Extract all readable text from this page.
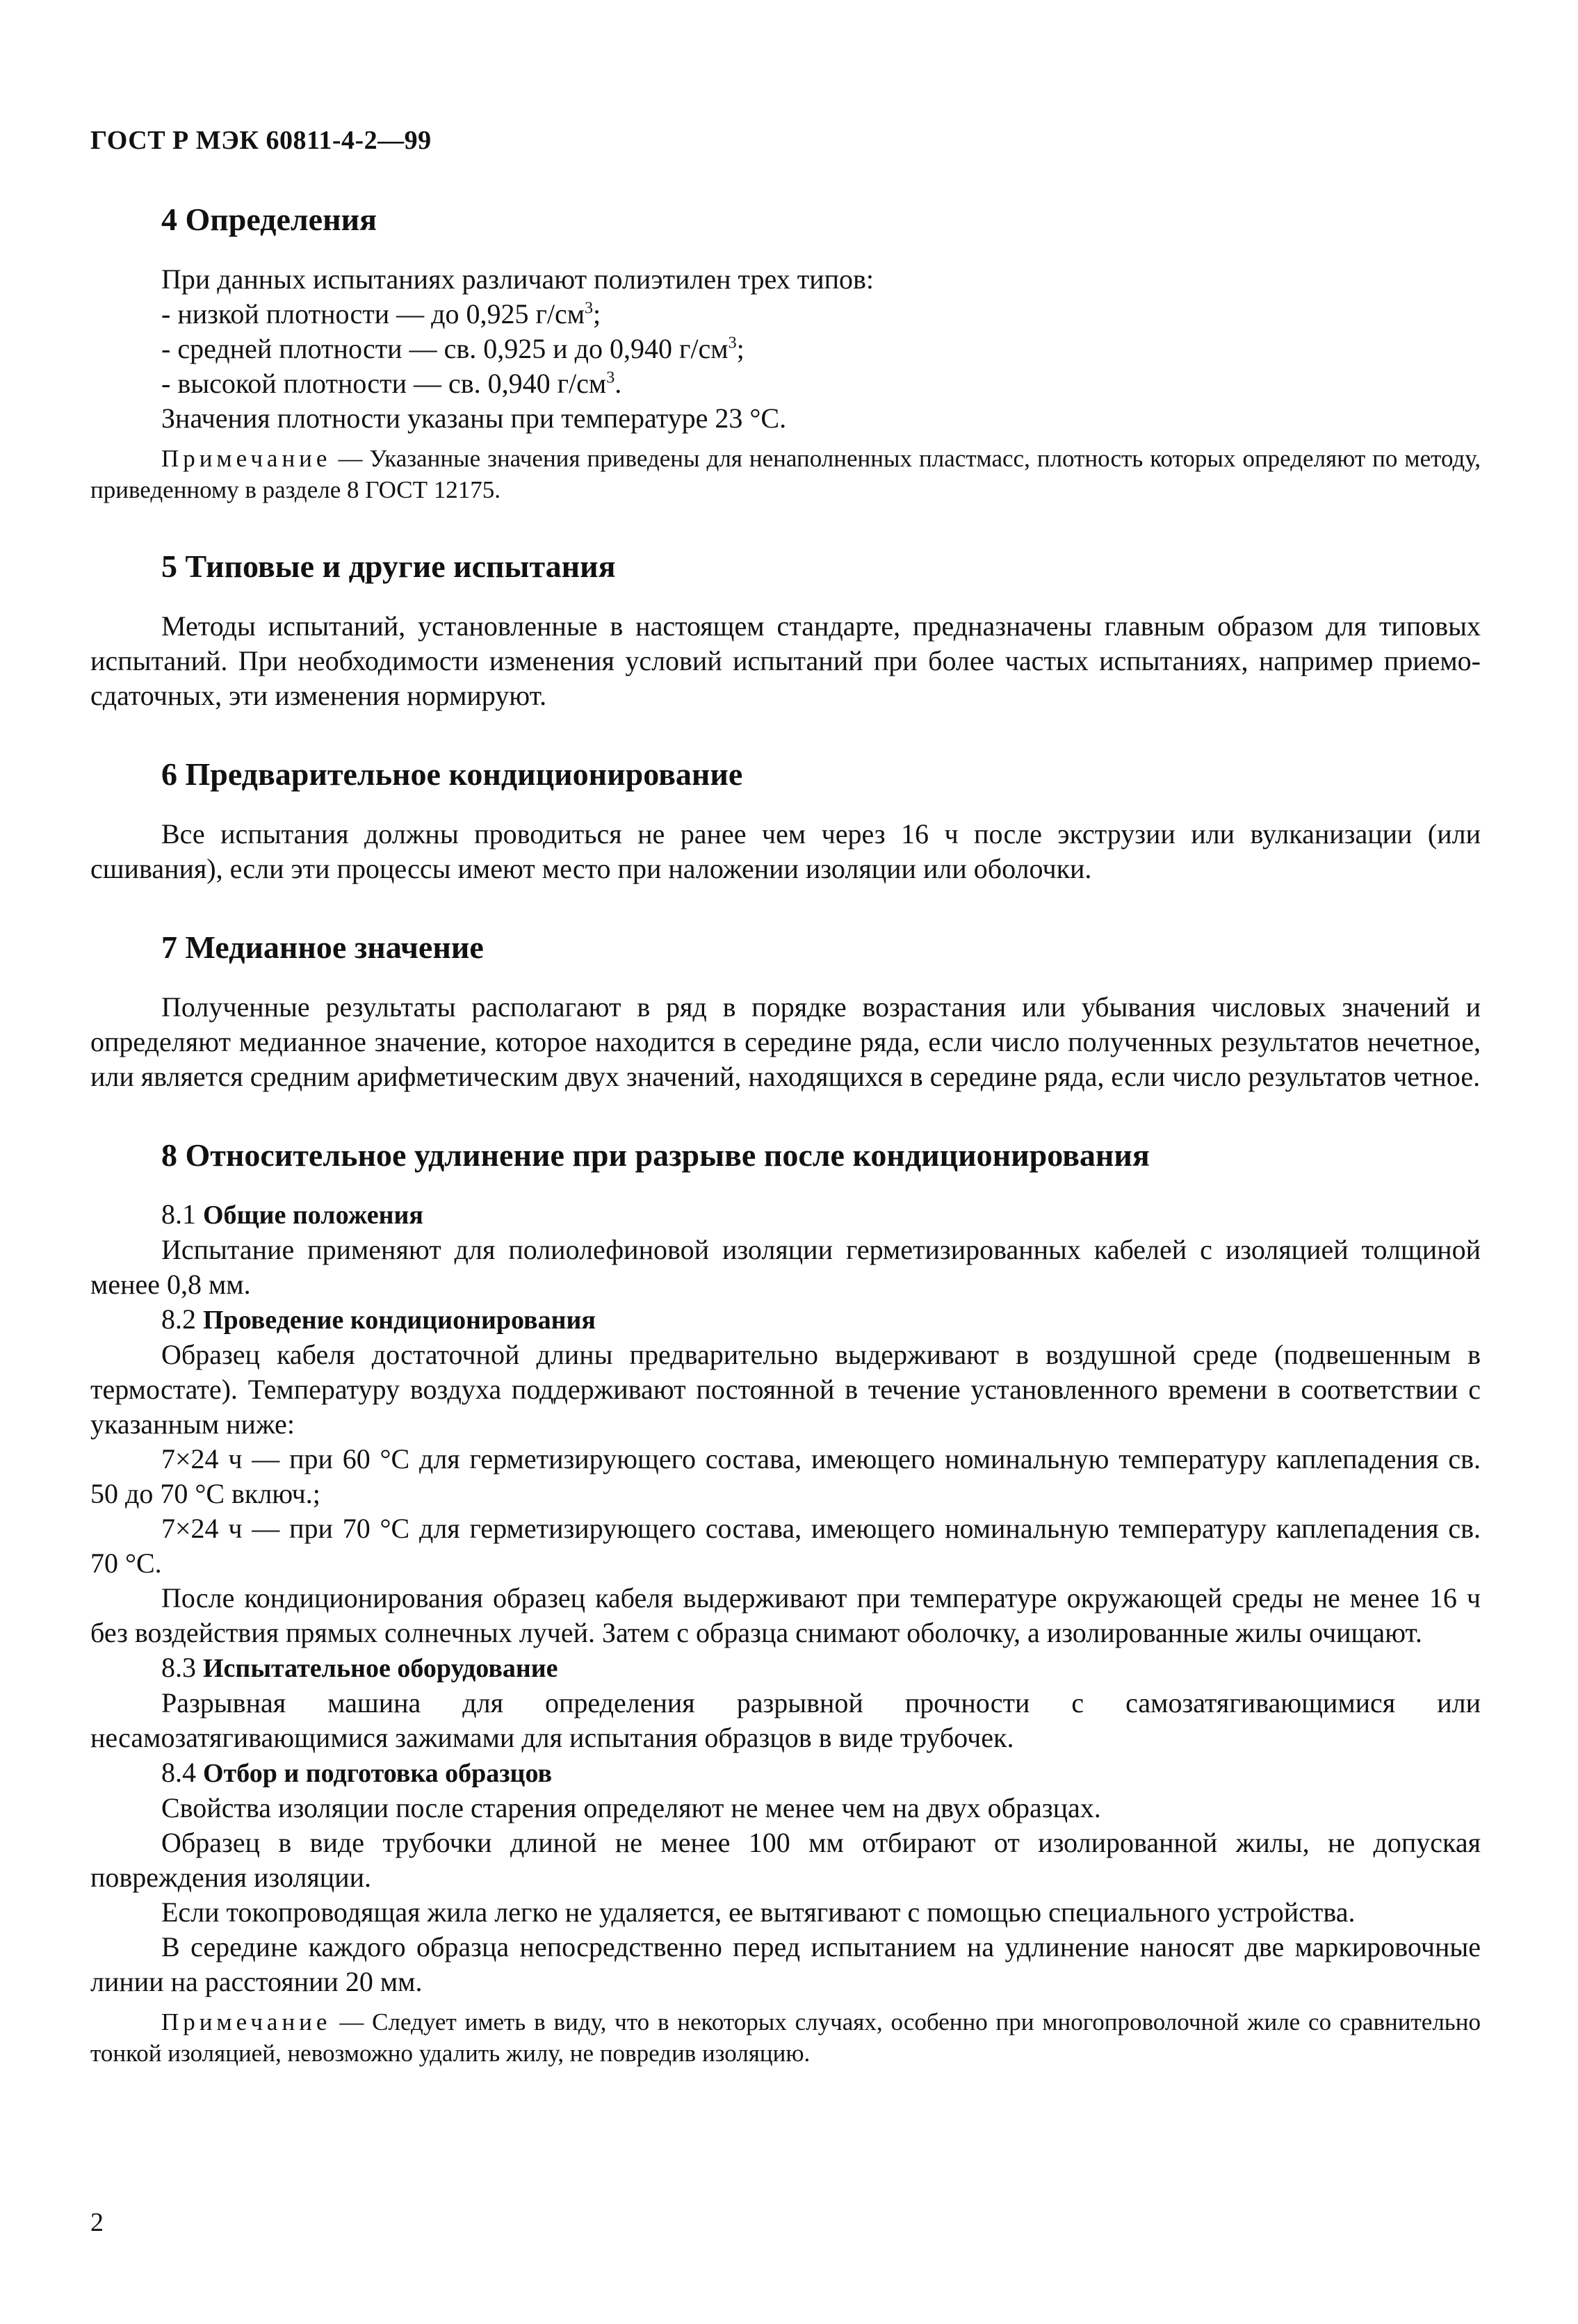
ГОСТ Р МЭК 60811-4-2—99
4 Определения
При данных испытаниях различают полиэтилен трех типов:
- низкой плотности — до 0,925 $г/см^3$;
- средней плотности — св. 0,925 и до 0,940 $г/см^3$;
- высокой плотности — св. 0,940 $г/см^3$.
Значения плотности указаны при температуре 23 °С.
Примечание — Указанные значения приведены для ненаполненных пластмасс, плотность которых определяют по методу, приведенному в разделе 8 ГОСТ 12175.
5 Типовые и другие испытания

Методы испытаний, установленные в настоящем стандарте, предназначены главным образом для типовых испытаний. При необходимости изменения условий испытаний при более частых испытаниях, например приемо-сдаточных, эти изменения нормируют.

6 Предварительное кондиционирование

Все испытания должны проводиться не ранее чем через 16 ч после экструзии или вулканизации (или сшивания), если эти процессы имеют место при наложении изоляции или оболочки.

7 Медианное значение

Полученные результаты располагают в ряд в порядке возрастания или убывания числовых значений и определяют медианное значение, которое находится в середине ряда, если число полученных результатов нечетное, или является средним арифметическим двух значений, находящихся в середине ряда, если число результатов четное.

8 Относительное удлинение при разрыве после кондиционирования
8.1 Общие положения

Испытание применяют для полиолефиновой изоляции герметизированных кабелей с изоляцией толщиной менее 0,8 мм.

8.2 Проведение кондиционирования

Образец кабеля достаточной длины предварительно выдерживают в воздушной среде (подвешенным в термостате). Температуру воздуха поддерживают постоянной в течение установленного времени в соответствии с указанным ниже:

7×24 ч — при 60 °С для герметизирующего состава, имеющего номинальную температуру каплепадения св. 50 до 70 °С включ.;

7×24 ч — при 70 °С для герметизирующего состава, имеющего номинальную температуру каплепадения св. 70 °С.

После кондиционирования образец кабеля выдерживают при температуре окружающей среды не менее 16 ч без воздействия прямых солнечных лучей. Затем с образца снимают оболочку, а изолированные жилы очищают.

8.3 Испытательное оборудование

Разрывная машина для определения разрывной прочности с самозатягивающимися или несамозатягивающимися зажимами для испытания образцов в виде трубочек.

8.4 Отбор и подготовка образцов

Свойства изоляции после старения определяют не менее чем на двух образцах.

Образец в виде трубочки длиной не менее 100 мм отбирают от изолированной жилы, не допуская повреждения изоляции.

Если токопроводящая жила легко не удаляется, ее вытягивают с помощью специального устройства.

В середине каждого образца непосредственно перед испытанием на удлинение наносят две маркировочные линии на расстоянии 20 мм.

Примечание — Следует иметь в виду, что в некоторых случаях, особенно при многопроволочной жиле со сравнительно тонкой изоляцией, невозможно удалить жилу, не повредив изоляцию.
2
